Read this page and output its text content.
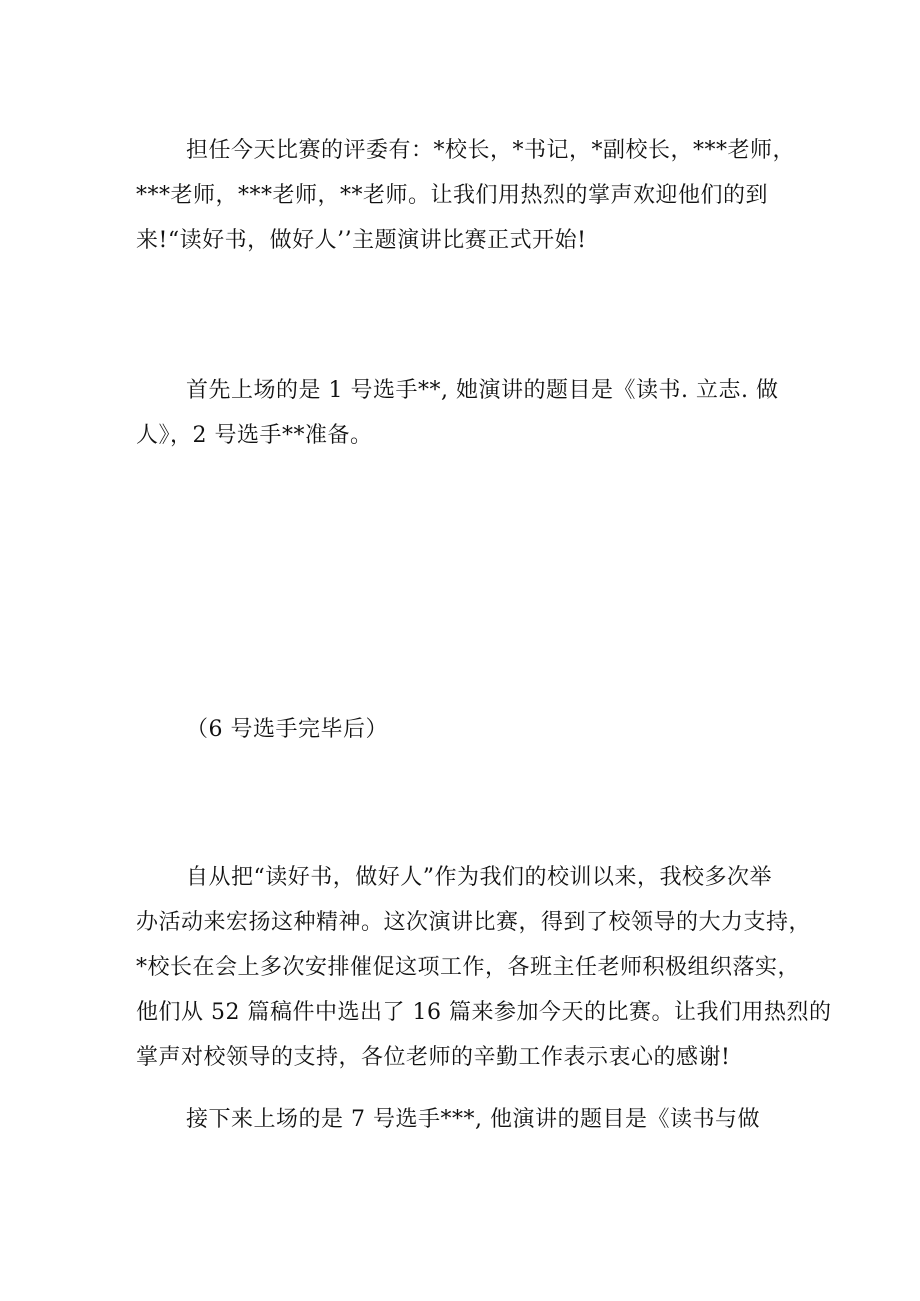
担任今天比赛的评委有：*校长，*书记，*副校长，***老师，
***老师，***老师，**老师。让我们用热烈的掌声欢迎他们的到
来!“读好书，做好人’’主题演讲比赛正式开始!

首先上场的是 1 号选手**, 她演讲的题目是《读书. 立志. 做
人》，2 号选手**准备。

（6 号选手完毕后）

自从把“读好书，做好人”作为我们的校训以来，我校多次举
办活动来宏扬这种精神。这次演讲比赛，得到了校领导的大力支持，
*校长在会上多次安排催促这项工作，各班主任老师积极组织落实，
他们从 52 篇稿件中选出了 16 篇来参加今天的比赛。让我们用热烈的
掌声对校领导的支持，各位老师的辛勤工作表示衷心的感谢!

接下来上场的是 7 号选手***, 他演讲的题目是《读书与做
